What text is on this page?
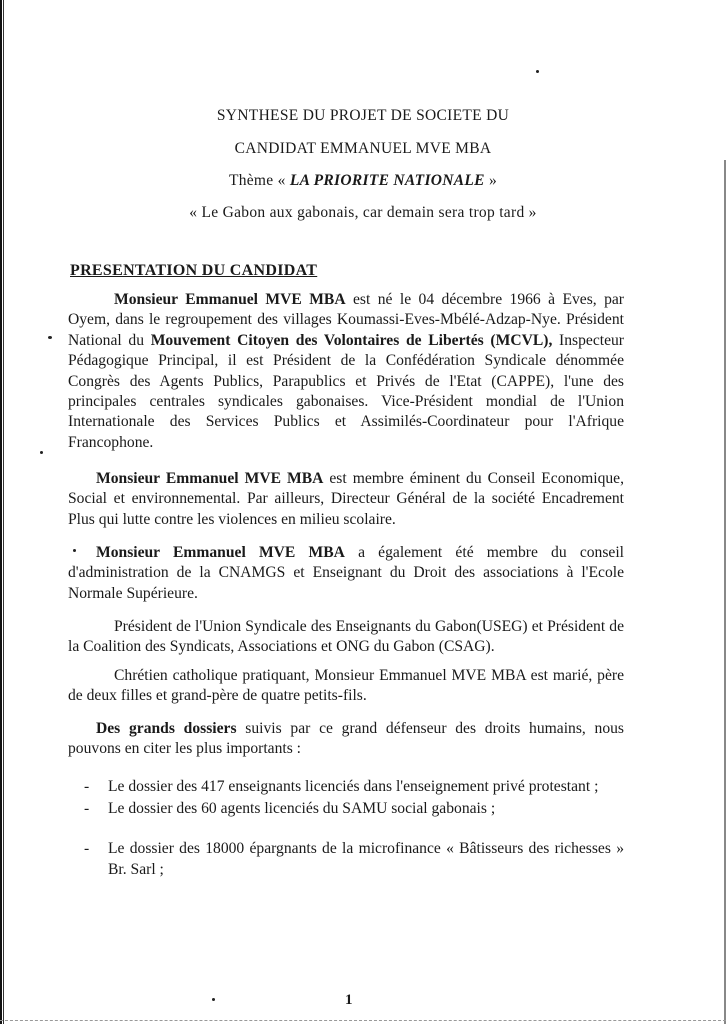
SYNTHESE DU PROJET DE SOCIETE DU
CANDIDAT EMMANUEL MVE MBA
Thème « LA PRIORITE NATIONALE »
« Le Gabon aux gabonais, car demain sera trop tard »
PRESENTATION DU CANDIDAT
Monsieur Emmanuel MVE MBA est né le 04 décembre 1966 à Eves, par Oyem, dans le regroupement des villages Koumassi-Eves-Mbélé-Adzap-Nye. Président National du Mouvement Citoyen des Volontaires de Libertés (MCVL), Inspecteur Pédagogique Principal, il est Président de la Confédération Syndicale dénommée Congrès des Agents Publics, Parapublics et Privés de l'Etat (CAPPE), l'une des principales centrales syndicales gabonaises. Vice-Président mondial de l'Union Internationale des Services Publics et Assimilés-Coordinateur pour l'Afrique Francophone.
Monsieur Emmanuel MVE MBA est membre éminent du Conseil Economique, Social et environnemental. Par ailleurs, Directeur Général de la société Encadrement Plus qui lutte contre les violences en milieu scolaire.
Monsieur Emmanuel MVE MBA a également été membre du conseil d'administration de la CNAMGS et Enseignant du Droit des associations à l'Ecole Normale Supérieure.
Président de l'Union Syndicale des Enseignants du Gabon(USEG) et Président de la Coalition des Syndicats, Associations et ONG du Gabon (CSAG).
Chrétien catholique pratiquant, Monsieur Emmanuel MVE MBA est marié, père de deux filles et grand-père de quatre petits-fils.
Des grands dossiers suivis par ce grand défenseur des droits humains, nous pouvons en citer les plus importants :
- Le dossier des 417 enseignants licenciés dans l'enseignement privé protestant ;
- Le dossier des 60 agents licenciés du SAMU social gabonais ;
- Le dossier des 18000 épargnants de la microfinance « Bâtisseurs des richesses » Br. Sarl ;
1
